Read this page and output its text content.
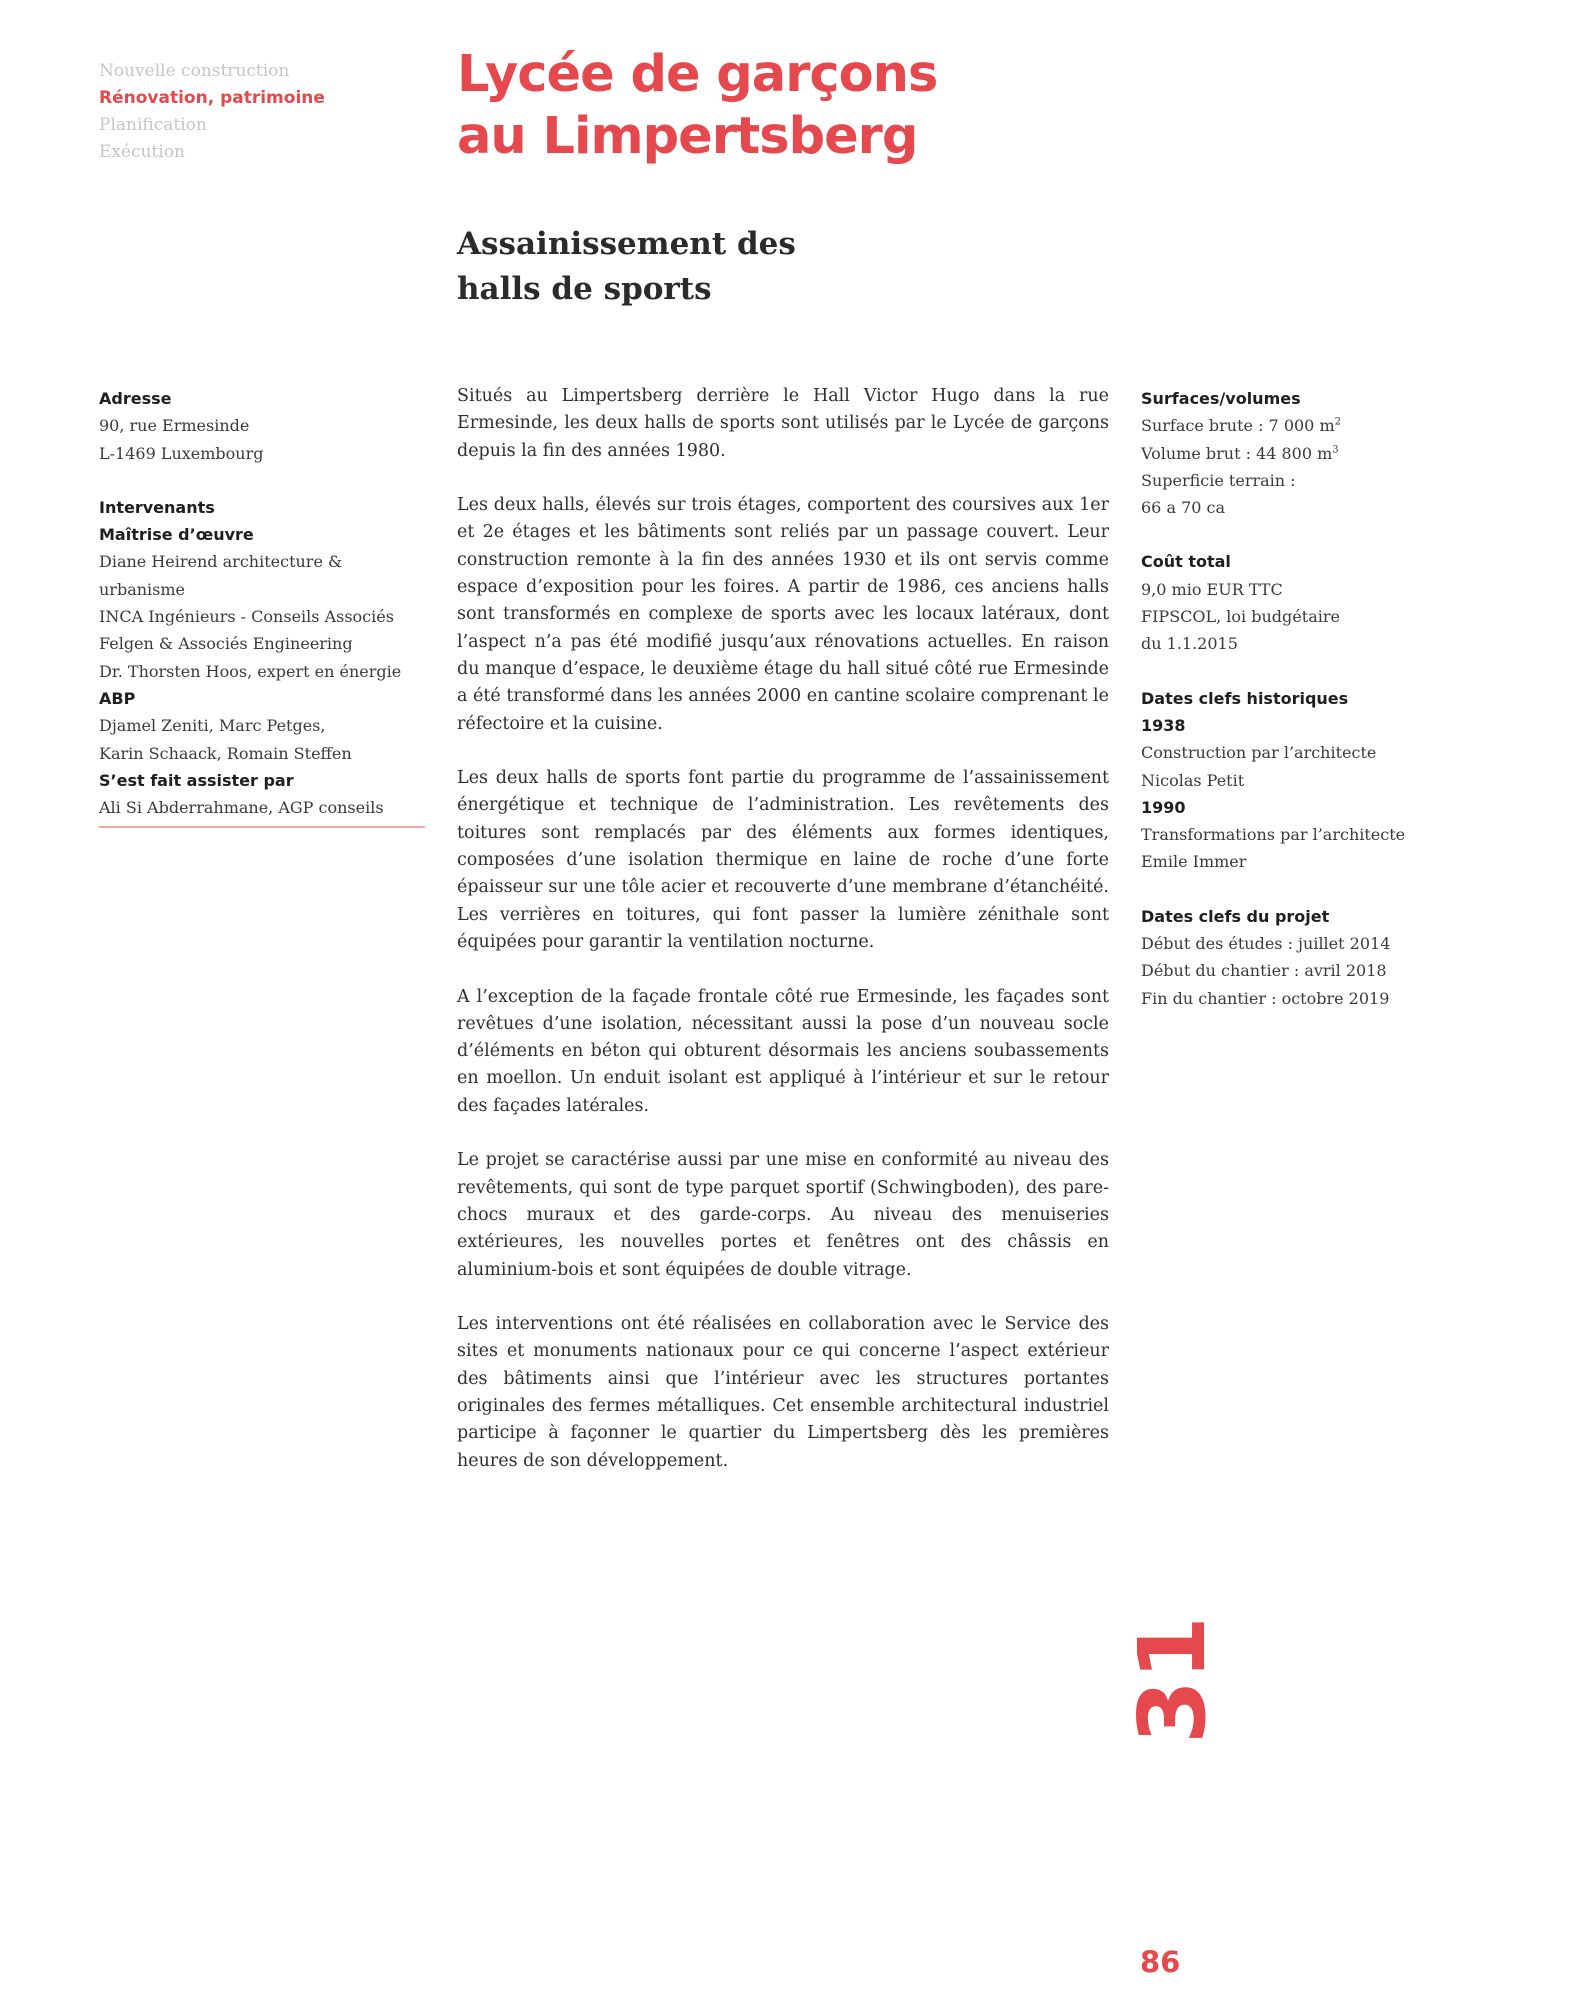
Nouvelle construction
Rénovation, patrimoine
Planification
Exécution
Lycée de garçons
au Limpertsberg
Assainissement des
halls de sports
Adresse
90, rue Ermesinde
L-1469 Luxembourg
Intervenants
Maîtrise d’œuvre
Diane Heirend architecture &
urbanisme
INCA Ingénieurs - Conseils Associés
Felgen & Associés Engineering
Dr. Thorsten Hoos, expert en énergie
ABP
Djamel Zeniti, Marc Petges,
Karin Schaack, Romain Steffen
S’est fait assister par
Ali Si Abderrahmane, AGP conseils

Situés au Limpertsberg derrière le Hall Victor Hugo dans la rue Ermesinde, les deux halls de sports sont utilisés par le Lycée de garçons depuis la fin des années 1980.

Les deux halls, élevés sur trois étages, comportent des coursives aux 1er et 2e étages et les bâtiments sont reliés par un passage couvert. Leur construction remonte à la fin des années 1930 et ils ont servis comme espace d’exposition pour les foires. A partir de 1986, ces anciens halls sont transformés en complexe de sports avec les locaux latéraux, dont l’aspect n’a pas été modifié jusqu’aux rénovations actuelles. En raison du manque d’espace, le deuxième étage du hall situé côté rue Ermesinde a été transformé dans les années 2000 en cantine scolaire comprenant le réfectoire et la cuisine.

Les deux halls de sports font partie du programme de l’assainissement énergétique et technique de l’administration. Les revêtements des toitures sont remplacés par des éléments aux formes identiques, composées d’une isolation thermique en laine de roche d’une forte épaisseur sur une tôle acier et recouverte d’une membrane d’étanchéité. Les verrières en toitures, qui font passer la lumière zénithale sont équipées pour garantir la ventilation nocturne.

A l’exception de la façade frontale côté rue Ermesinde, les façades sont revêtues d’une isolation, nécessitant aussi la pose d’un nouveau socle d’éléments en béton qui obturent désormais les anciens soubassements en moellon. Un enduit isolant est appliqué à l’intérieur et sur le retour des façades latérales.

Le projet se caractérise aussi par une mise en conformité au niveau des revêtements, qui sont de type parquet sportif (Schwingboden), des pare-chocs muraux et des garde-corps. Au niveau des menuiseries extérieures, les nouvelles portes et fenêtres ont des châssis en aluminium-bois et sont équipées de double vitrage.

Les interventions ont été réalisées en collaboration avec le Service des sites et monuments nationaux pour ce qui concerne l’aspect extérieur des bâtiments ainsi que l’intérieur avec les structures portantes originales des fermes métalliques. Cet ensemble architectural industriel participe à façonner le quartier du Limpertsberg dès les premières heures de son développement.

Surfaces/volumes
Surface brute : 7 000 $m^2$
Volume brut : 44 800 $m^3$
Superficie terrain :
66 a 70 ca
Coût total
9,0 mio EUR TTC
FIPSCOL, loi budgétaire
du 1.1.2015
Dates clefs historiques
1938
Construction par l’architecte
Nicolas Petit
1990
Transformations par l’architecte
Emile Immer
Dates clefs du projet
Début des études : juillet 2014
Début du chantier : avril 2018
Fin du chantier : octobre 2019
31
86
